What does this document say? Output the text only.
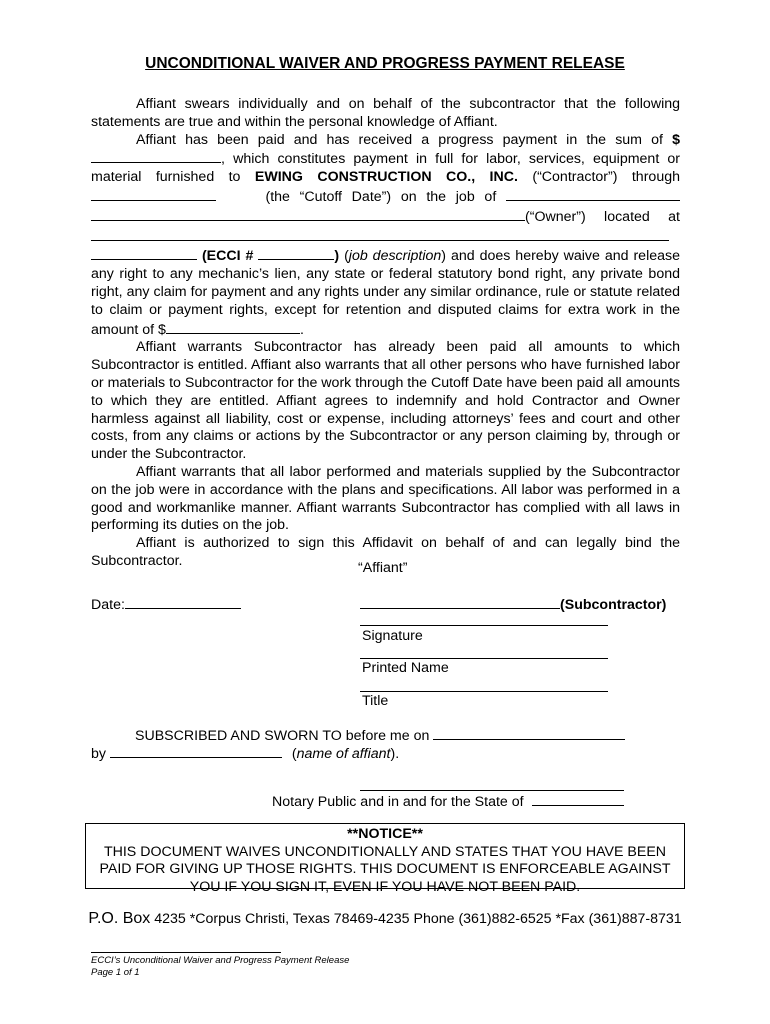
UNCONDITIONAL WAIVER AND PROGRESS PAYMENT RELEASE

Affiant swears individually and on behalf of the subcontractor that the following statements are true and within the personal knowledge of Affiant.

Affiant has been paid and has received a progress payment in the sum of $, which constitutes payment in full for labor, services, equipment or material furnished to EWING CONSTRUCTION CO., INC. (“Contractor”) through   (the “Cutoff Date”) on the job of  (“Owner”) located at   (ECCI #	) (job description) and does hereby waive and release any right to any mechanic’s lien, any state or federal statutory bond right, any private bond right, any claim for payment and any rights under any similar ordinance, rule or statute related to claim or payment rights, except for retention and disputed claims for extra work in the amount of $	.

Affiant warrants Subcontractor has already been paid all amounts to which Subcontractor is entitled. Affiant also warrants that all other persons who have furnished labor or materials to Subcontractor for the work through the Cutoff Date have been paid all amounts to which they are entitled. Affiant agrees to indemnify and hold Contractor and Owner harmless against all liability, cost or expense, including attorneys’ fees and court and other costs, from any claims or actions by the Subcontractor or any person claiming by, through or under the Subcontractor.

Affiant warrants that all labor performed and materials supplied by the Subcontractor on the job were in accordance with the plans and specifications. All labor was performed in a good and workmanlike manner. Affiant warrants Subcontractor has complied with all laws in performing its duties on the job.

Affiant is authorized to sign this Affidavit on behalf of and can legally bind the Subcontractor.	“Affiant”
Date:	(Subcontractor)
Signature
Printed Name
Title
SUBSCRIBED AND SWORN TO before me on
by	(name of affiant).
Notary Public and in and for the State of
**NOTICE**
THIS DOCUMENT WAIVES UNCONDITIONALLY AND STATES THAT YOU HAVE BEEN
PAID FOR GIVING UP THOSE RIGHTS. THIS DOCUMENT IS ENFORCEABLE AGAINST
YOU IF YOU SIGN IT, EVEN IF YOU HAVE NOT BEEN PAID.
P.O. Box 4235 *Corpus Christi, Texas 78469-4235 Phone (361)882-6525 *Fax (361)887-8731
ECCI’s Unconditional Waiver and Progress Payment Release
Page 1 of 1
